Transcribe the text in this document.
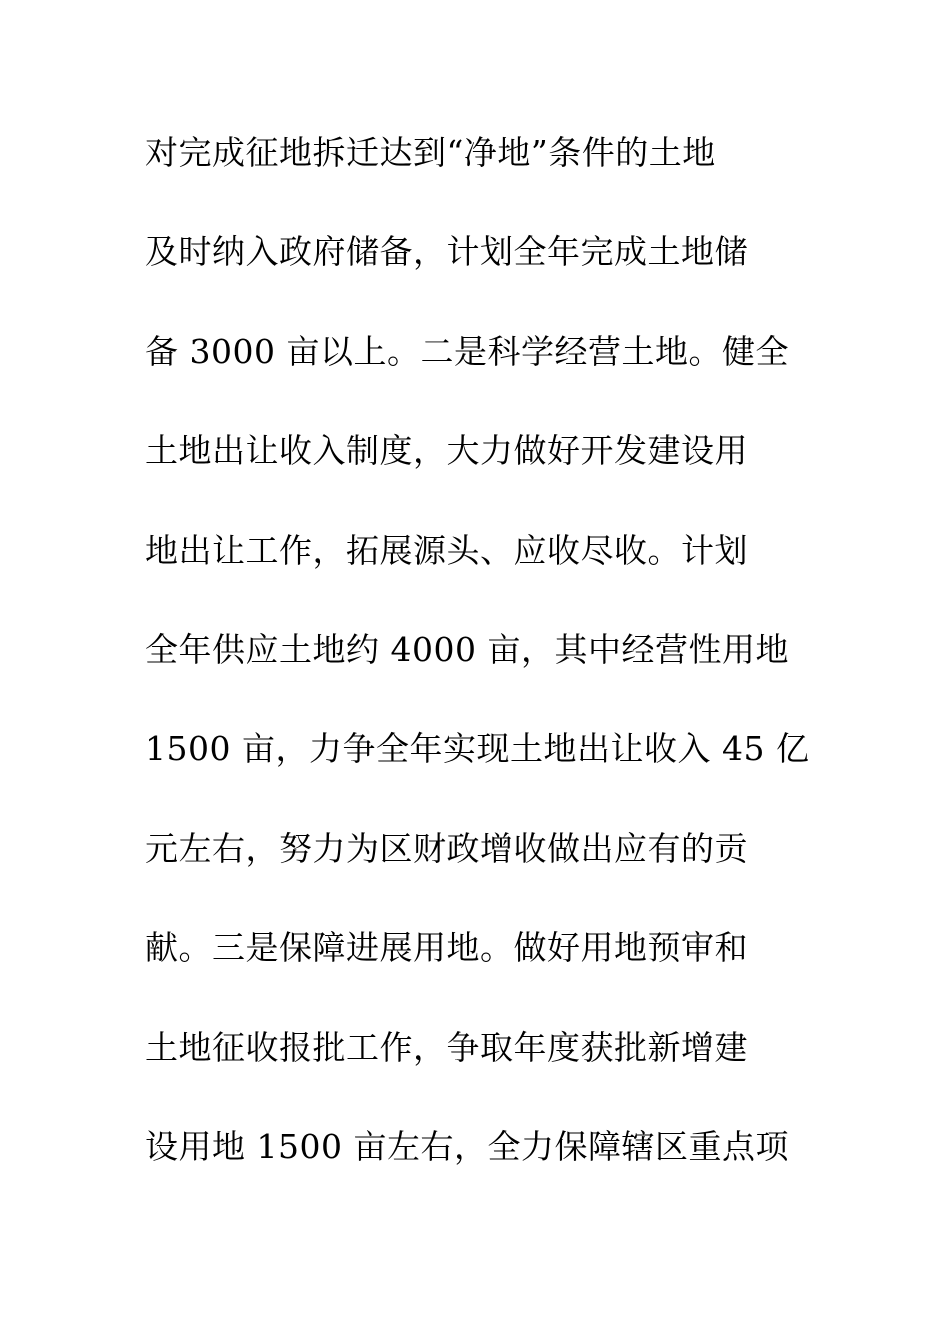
对完成征地拆迁达到“净地”条件的土地
及时纳入政府储备，计划全年完成土地储
备 3000 亩以上。二是科学经营土地。健全
土地出让收入制度，大力做好开发建设用
地出让工作，拓展源头、应收尽收。计划
全年供应土地约 4000 亩，其中经营性用地
1500 亩，力争全年实现土地出让收入 45 亿
元左右，努力为区财政增收做出应有的贡
献。三是保障进展用地。做好用地预审和
土地征收报批工作，争取年度获批新增建
设用地 1500 亩左右，全力保障辖区重点项
